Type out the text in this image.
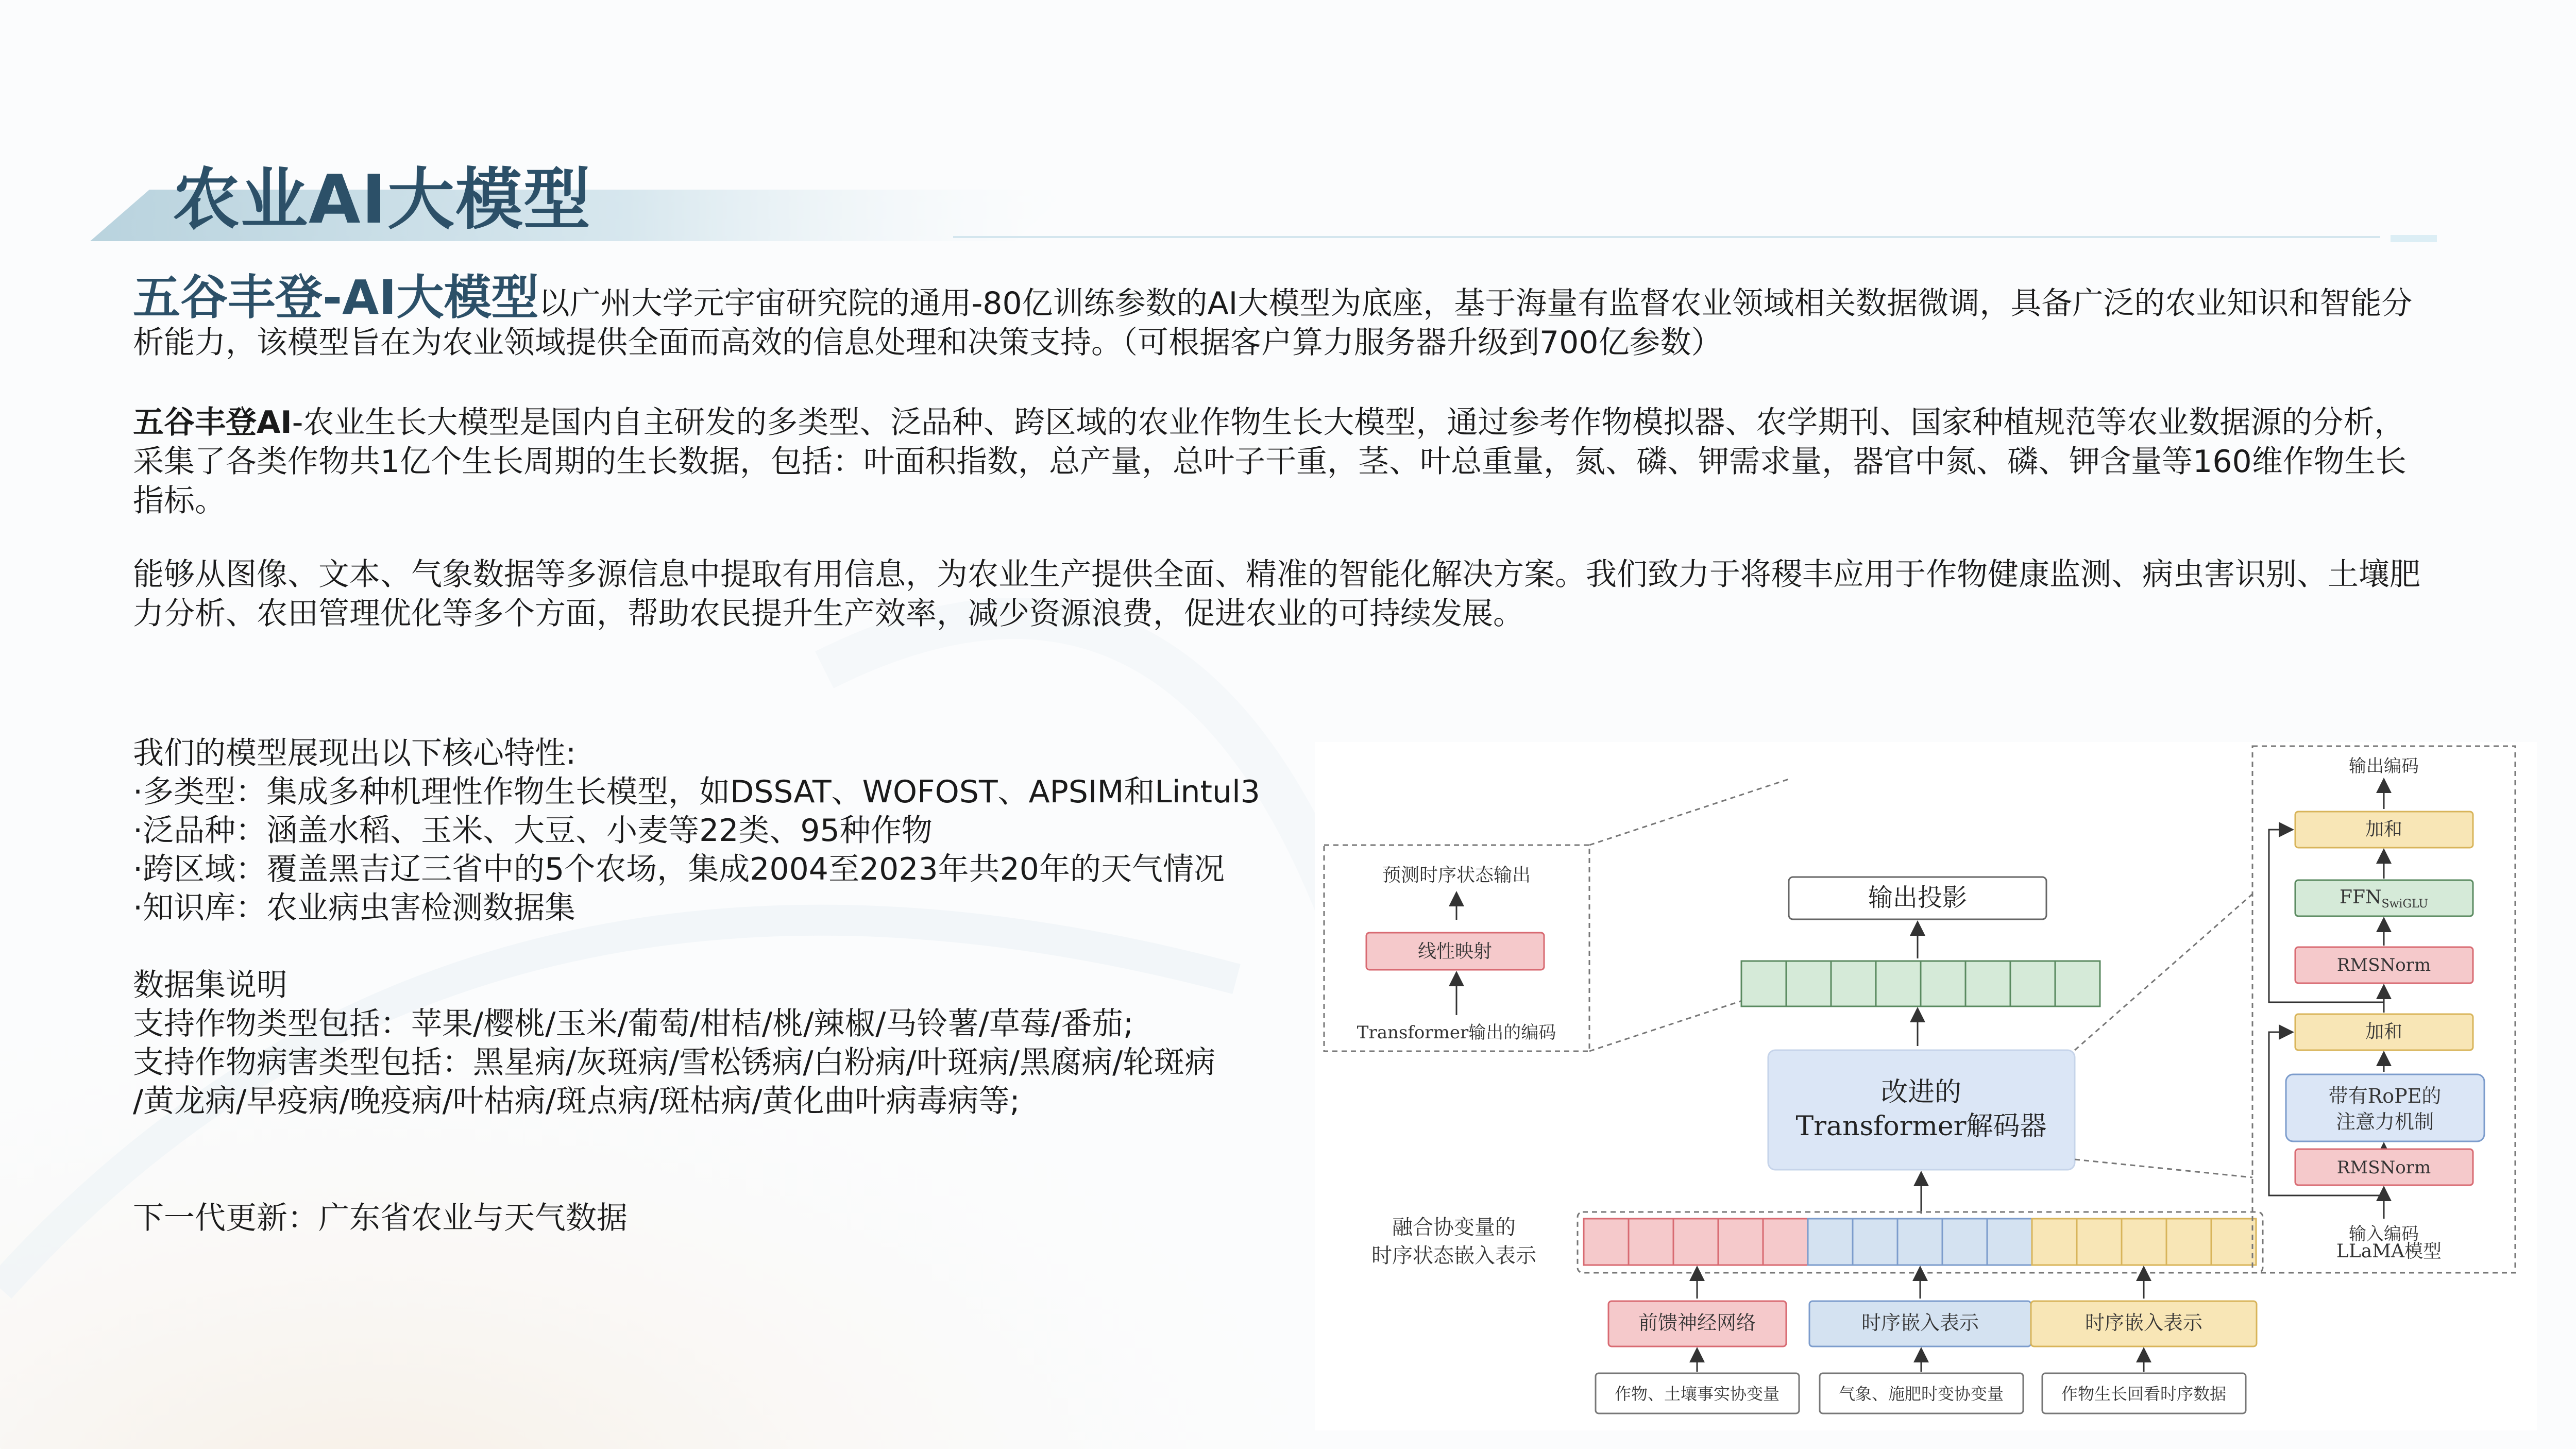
农业AI大模型

五谷丰登-AI大模型以广州大学元宇宙研究院的通用-80亿训练参数的AI大模型为底座，基于海量有监督农业领域相关数据微调，具备广泛的农业知识和智能分析能力，该模型旨在为农业领域提供全面而高效的信息处理和决策支持。（可根据客户算力服务器升级到700亿参数）

五谷丰登AI-农业生长大模型是国内自主研发的多类型、泛品种、跨区域的农业作物生长大模型，通过参考作物模拟器、农学期刊、国家种植规范等农业数据源的分析，采集了各类作物共1亿个生长周期的生长数据，包括：叶面积指数，总产量，总叶子干重，茎、叶总重量，氮、磷、钾需求量，器官中氮、磷、钾含量等160维作物生长指标。

能够从图像、文本、气象数据等多源信息中提取有用信息，为农业生产提供全面、精准的智能化解决方案。我们致力于将稷丰应用于作物健康监测、病虫害识别、土壤肥力分析、农田管理优化等多个方面，帮助农民提升生产效率，减少资源浪费，促进农业的可持续发展。

我们的模型展现出以下核心特性:
·多类型：集成多种机理性作物生长模型，如DSSAT、WOFOST、APSIM和Lintul3
·泛品种：涵盖水稻、玉米、大豆、小麦等22类、95种作物
·跨区域：覆盖黑吉辽三省中的5个农场，集成2004至2023年共20年的天气情况
·知识库：农业病虫害检测数据集
数据集说明
支持作物类型包括：苹果/樱桃/玉米/葡萄/柑桔/桃/辣椒/马铃薯/草莓/番茄;
支持作物病害类型包括：黑星病/灰斑病/雪松锈病/白粉病/叶斑病/黑腐病/轮斑病
/黄龙病/早疫病/晚疫病/叶枯病/斑点病/斑枯病/黄化曲叶病毒病等;
下一代更新：广东省农业与天气数据
预测时序状态输出
线性映射
Transformer输出的编码
输出投影
改进的
Transformer解码器
融合协变量的
时序状态嵌入表示
前馈神经网络	时序嵌入表示	时序嵌入表示
作物、土壤事实协变量	气象、施肥时变协变量	作物生长回看时序数据
输出编码
加和
$FFN_{SwiGLU}$
RMSNorm
加和
带有RoPE的
注意力机制
RMSNorm
输入编码
LLaMA模型
